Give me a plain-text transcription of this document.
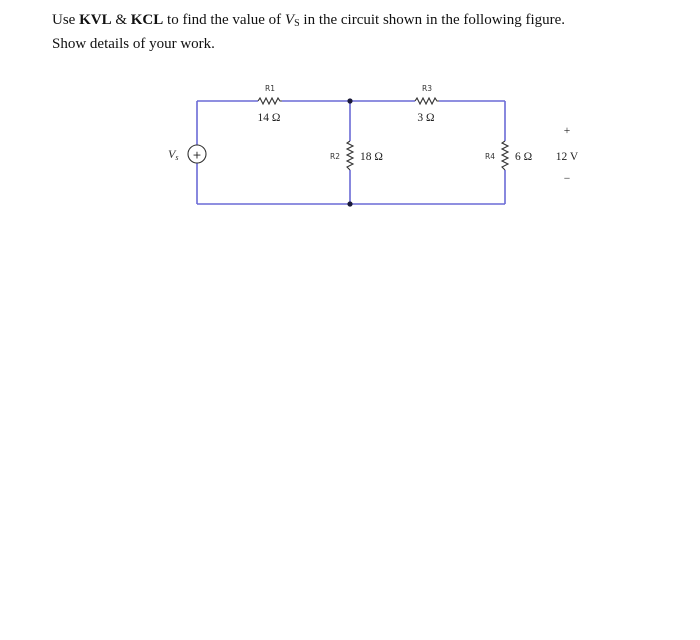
Use KVL & KCL to find the value of $V_S$ in the circuit shown in the following figure.
Show details of your work.
R1
14 Ω
R3
3 Ω
R2 18 Ω	R4 6 Ω
+
12 V
−
+
Vs
